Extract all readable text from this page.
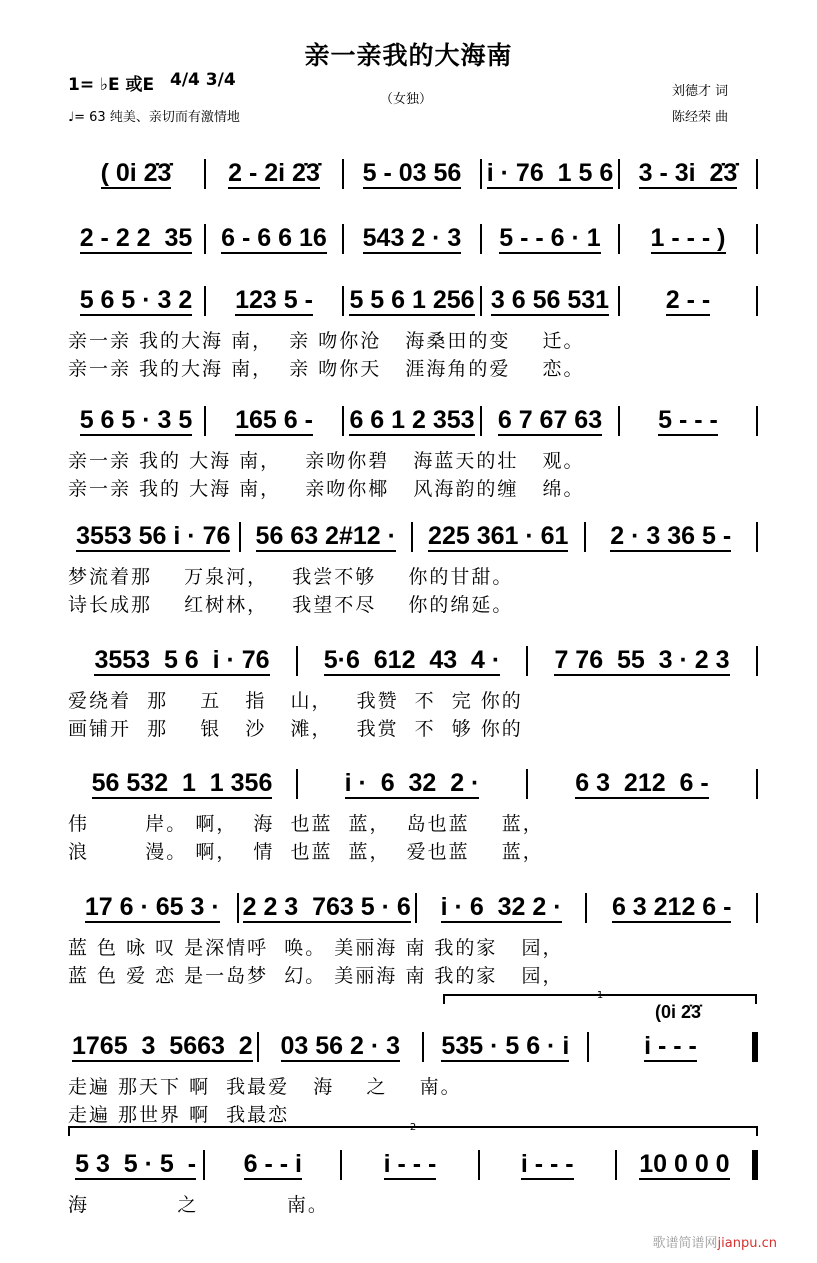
亲一亲我的大海南
1= ♭E 或E 4/4 3/4
♩= 63 纯美、亲切而有激情地
（女独）
刘德才 词
陈经荣 曲
( 0i 2̇3̇ 2 - 2i 2̇3̇ 5 - 03 56 i · 76  1 5 6 3 - 3i  2̇3̇
2 - 2 2  35 6 - 6 6 16 543 2 · 3 5 - - 6 · 1 1 - - - )
5 6 5 · 3 2 123 5 - 5 5 6 1 256 3 6 56 531 2 - -
亲一亲 我的大海 南，  亲 吻你沧   海桑田的变    迁。
亲一亲 我的大海 南，  亲 吻你天   涯海角的爱    恋。
5 6 5 · 3 5 165 6 - 6 6 1 2 353 6 7 67 63 5 - - -
亲一亲 我的 大海 南，   亲吻你碧   海蓝天的壮   观。
亲一亲 我的 大海 南，   亲吻你椰   风海韵的缠   绵。
3553 56 i · 76 56 63 2#12 · 225 361 · 61 2 · 3 36 5 -
梦流着那    万泉河，   我尝不够    你的甘甜。
诗长成那    红树林，   我望不尽    你的绵延。
3553  5 6  i · 76 5·6  612  43  4 · 7 76  55  3 · 2 3
爱绕着  那    五   指   山，   我赞  不  完 你的
画铺开  那    银   沙   滩，   我赏  不  够 你的
56 532  1  1 356	i ·  6  32  2 ·	6 3  212  6 -
伟       岸。 啊，  海  也蓝  蓝，  岛也蓝    蓝，
浪       漫。 啊，  情  也蓝  蓝，  爱也蓝    蓝，
17 6 · 65 3 · 2 2 3  763 5 · 6 i · 6  32 2 · 6 3 212 6 -
蓝 色 咏 叹 是深情呼  唤。 美丽海 南 我的家   园，
蓝 色 爱 恋 是一岛梦  幻。 美丽海 南 我的家   园，
1765  3  5663  2 03 56 2 · 3 535 · 5 6 · i	i - - -
(0i 2̇3̇
1
走遍 那天下 啊  我最爱   海    之    南。
走遍 那世界 啊  我最恋
5 3  5 · 5  - 6 - - i	i - - -	i - - -	10 0 0 0
2
海           之           南。
歌谱简谱网jianpu.cn
